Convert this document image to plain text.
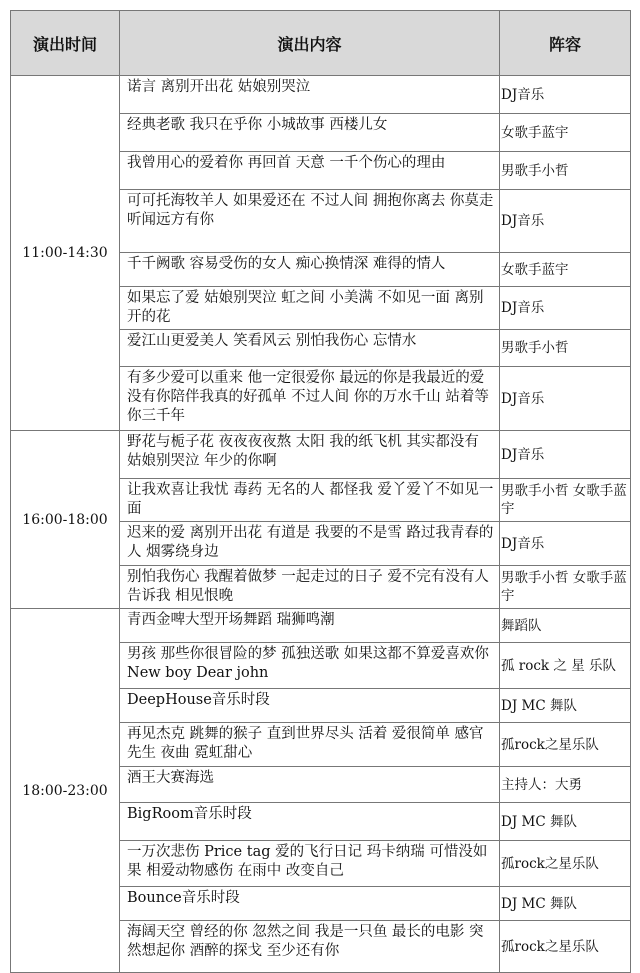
演出时间	演出内容	阵容
11:00-14:30	诺言 离别开出花 姑娘别哭泣	DJ音乐
	经典老歌 我只在乎你 小城故事 西楼儿女	女歌手蓝宇
	我曾用心的爱着你 再回首 天意 一千个伤心的理由	男歌手小哲
	可可托海牧羊人 如果爱还在 不过人间 拥抱你离去 你莫走 听闻远方有你	DJ音乐
	千千阙歌 容易受伤的女人 痴心换情深 难得的情人	女歌手蓝宇
	如果忘了爱 姑娘别哭泣 虹之间 小美满 不如见一面 离别开的花	DJ音乐
	爱江山更爱美人 笑看风云 别怕我伤心 忘情水	男歌手小哲
	有多少爱可以重来 他一定很爱你 最远的你是我最近的爱 没有你陪伴我真的好孤单 不过人间 你的万水千山 站着等你三千年	DJ音乐
16:00-18:00	野花与栀子花 夜夜夜夜熬 太阳 我的纸飞机 其实都没有 姑娘别哭泣 年少的你啊	DJ音乐
	让我欢喜让我忧 毒药 无名的人 都怪我 爱丫爱丫不如见一面	男歌手小哲 女歌手蓝宇
	迟来的爱 离别开出花 有道是 我要的不是雪 路过我青春的人 烟雾绕身边	DJ音乐
	别怕我伤心 我醒着做梦 一起走过的日子 爱不完有没有人告诉我 相见恨晚	男歌手小哲 女歌手蓝宇
18:00-23:00	青西金啤大型开场舞蹈 瑞狮鸣潮	舞蹈队
	男孩 那些你很冒险的梦 孤独送歌 如果这都不算爱喜欢你 New boy Dear john	孤 rock 之 星 乐队
	DeepHouse音乐时段	DJ MC 舞队
	再见杰克 跳舞的猴子 直到世界尽头 活着 爱很简单 感官先生 夜曲 霓虹甜心	孤rock之星乐队
	酒王大赛海选	主持人：大勇
	BigRoom音乐时段	DJ MC 舞队
	一万次悲伤 Price tag 爱的飞行日记 玛卡纳瑞 可惜没如果 相爱动物感伤 在雨中 改变自己	孤rock之星乐队
	Bounce音乐时段	DJ MC 舞队
	海阔天空 曾经的你 忽然之间 我是一只鱼 最长的电影 突然想起你 酒醉的探戈 至少还有你	孤rock之星乐队
